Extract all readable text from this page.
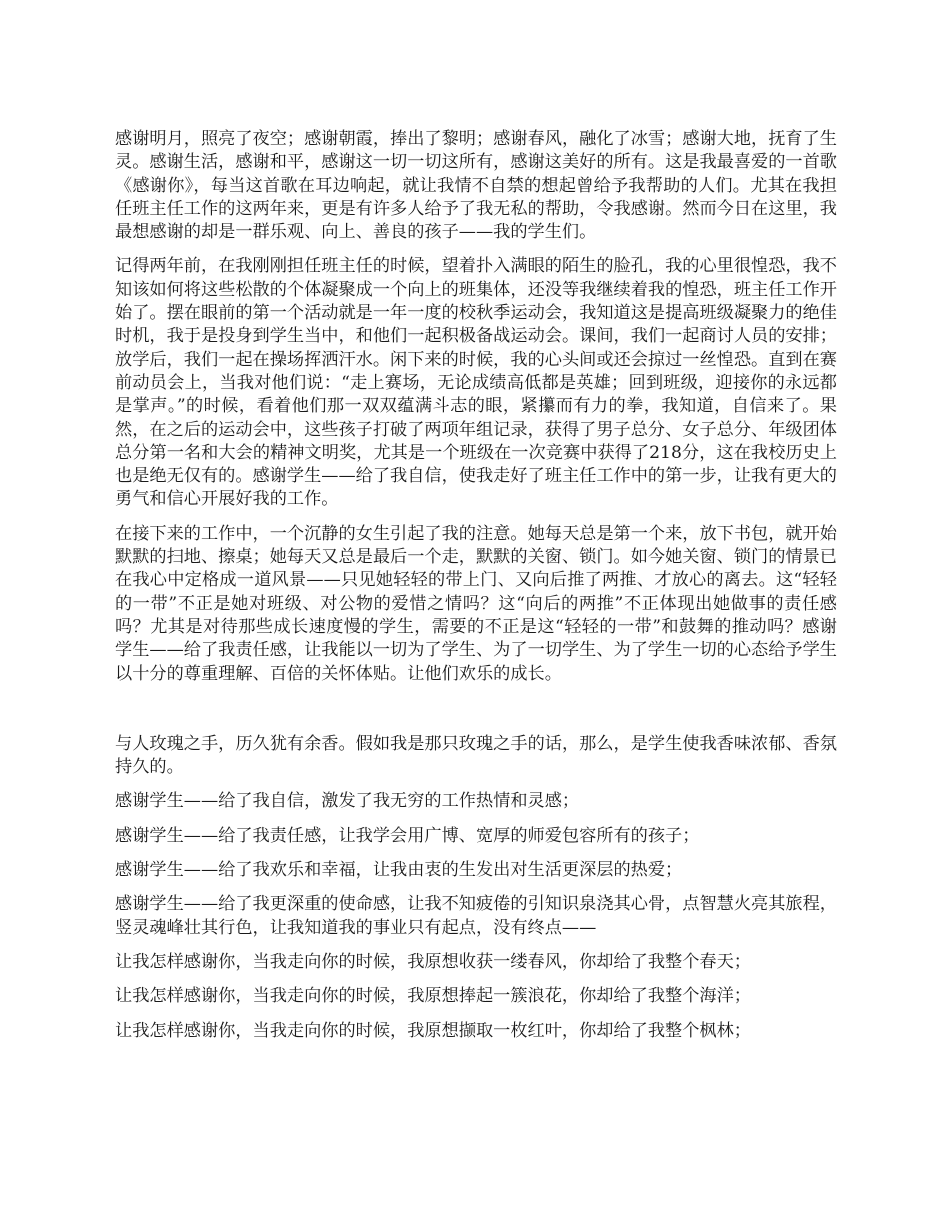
感谢明月，照亮了夜空；感谢朝霞，捧出了黎明；感谢春风，融化了冰雪；感谢大地，抚育了生灵。感谢生活，感谢和平，感谢这一切一切这所有，感谢这美好的所有。这是我最喜爱的一首歌《感谢你》，每当这首歌在耳边响起，就让我情不自禁的想起曾给予我帮助的人们。尤其在我担任班主任工作的这两年来，更是有许多人给予了我无私的帮助，令我感谢。然而今日在这里，我最想感谢的却是一群乐观、向上、善良的孩子——我的学生们。

记得两年前，在我刚刚担任班主任的时候，望着扑入满眼的陌生的脸孔，我的心里很惶恐，我不知该如何将这些松散的个体凝聚成一个向上的班集体，还没等我继续着我的惶恐，班主任工作开始了。摆在眼前的第一个活动就是一年一度的校秋季运动会，我知道这是提高班级凝聚力的绝佳时机，我于是投身到学生当中，和他们一起积极备战运动会。课间，我们一起商讨人员的安排；放学后，我们一起在操场挥洒汗水。闲下来的时候，我的心头间或还会掠过一丝惶恐。直到在赛前动员会上，当我对他们说：“走上赛场，无论成绩高低都是英雄；回到班级，迎接你的永远都是掌声。”的时候，看着他们那一双双蕴满斗志的眼，紧攥而有力的拳，我知道，自信来了。果然，在之后的运动会中，这些孩子打破了两项年组记录，获得了男子总分、女子总分、年级团体总分第一名和大会的精神文明奖，尤其是一个班级在一次竞赛中获得了218分，这在我校历史上也是绝无仅有的。感谢学生——给了我自信，使我走好了班主任工作中的第一步，让我有更大的勇气和信心开展好我的工作。

在接下来的工作中，一个沉静的女生引起了我的注意。她每天总是第一个来，放下书包，就开始默默的扫地、擦桌；她每天又总是最后一个走，默默的关窗、锁门。如今她关窗、锁门的情景已在我心中定格成一道风景——只见她轻轻的带上门、又向后推了两推、才放心的离去。这“轻轻的一带”不正是她对班级、对公物的爱惜之情吗？这“向后的两推”不正体现出她做事的责任感吗？尤其是对待那些成长速度慢的学生，需要的不正是这“轻轻的一带”和鼓舞的推动吗？感谢学生——给了我责任感，让我能以一切为了学生、为了一切学生、为了学生一切的心态给予学生以十分的尊重理解、百倍的关怀体贴。让他们欢乐的成长。

与人玫瑰之手，历久犹有余香。假如我是那只玫瑰之手的话，那么，是学生使我香味浓郁、香氛持久的。

感谢学生——给了我自信，激发了我无穷的工作热情和灵感；

感谢学生——给了我责任感，让我学会用广博、宽厚的师爱包容所有的孩子；

感谢学生——给了我欢乐和幸福，让我由衷的生发出对生活更深层的热爱；

感谢学生——给了我更深重的使命感，让我不知疲倦的引知识泉浇其心骨，点智慧火亮其旅程，竖灵魂峰壮其行色，让我知道我的事业只有起点，没有终点——

让我怎样感谢你，当我走向你的时候，我原想收获一缕春风，你却给了我整个春天；

让我怎样感谢你，当我走向你的时候，我原想捧起一簇浪花，你却给了我整个海洋；

让我怎样感谢你，当我走向你的时候，我原想撷取一枚红叶，你却给了我整个枫林；
